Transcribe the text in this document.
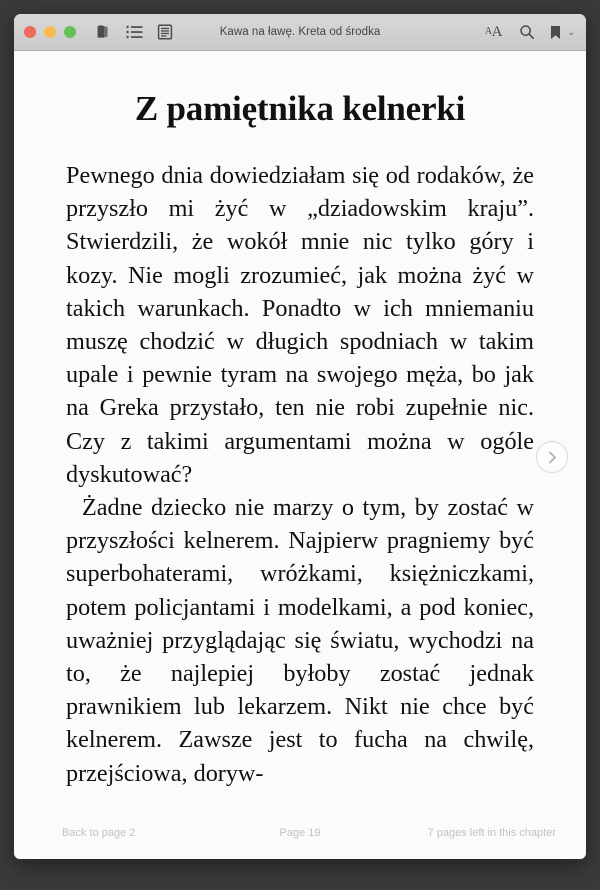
Kawa na ławę. Kreta od środka	A A	⌄
Z pamiętnika kelnerki

Pewnego dnia dowiedziałam się od rodaków, że przyszło mi żyć w „dziadowskim kraju”. Stwierdzili, że wokół mnie nic tylko góry i kozy. Nie mogli zrozumieć, jak można żyć w takich warunkach. Ponadto w ich mniemaniu muszę chodzić w długich spodniach w takim upale i pewnie tyram na swojego męża, bo jak na Greka przystało, ten nie robi zupełnie nic. Czy z takimi argumentami można w ogóle dyskutować?

Żadne dziecko nie marzy o tym, by zostać w przyszłości kelnerem. Najpierw pragniemy być superbohaterami, wróżkami, księżniczkami, potem policjantami i modelkami, a pod koniec, uważniej przyglądając się światu, wychodzi na to, że najlepiej byłoby zostać jednak prawnikiem lub lekarzem. Nikt nie chce być kelnerem. Zawsze jest to fucha na chwilę, przejściowa, doryw-

Back to page 2	Page 19	7 pages left in this chapter
